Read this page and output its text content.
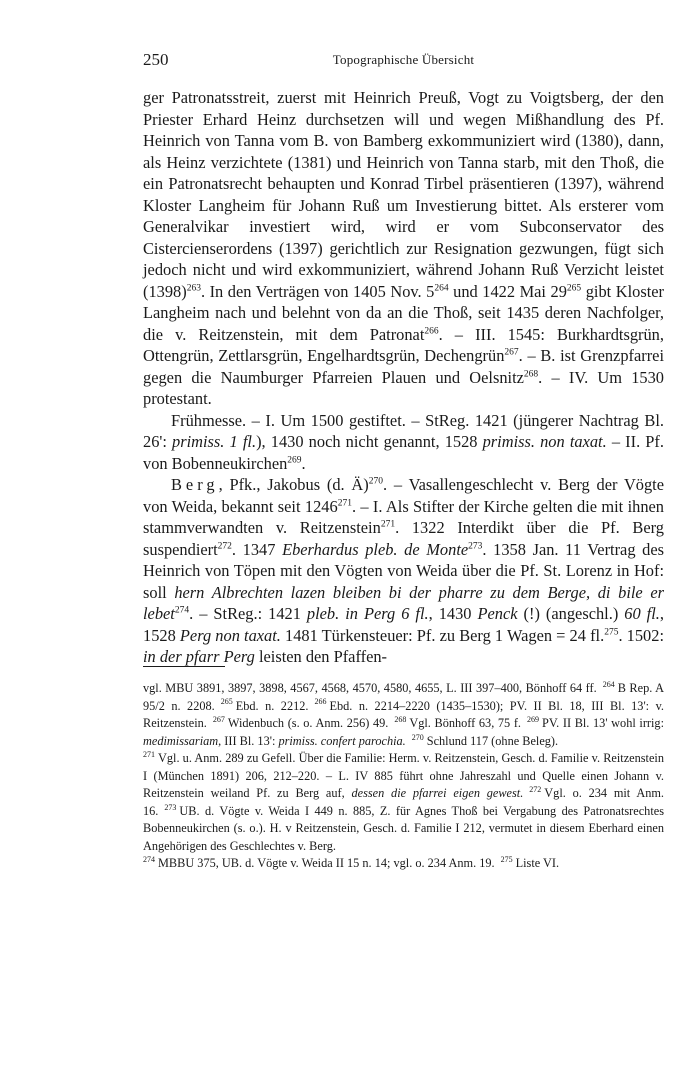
250	Topographische Übersicht

ger Patronatsstreit, zuerst mit Heinrich Preuß, Vogt zu Voigtsberg, der den Priester Erhard Heinz durchsetzen will und wegen Mißhandlung des Pf. Heinrich von Tanna vom B. von Bamberg exkommuniziert wird (1380), dann, als Heinz verzichtete (1381) und Heinrich von Tanna starb, mit den Thoß, die ein Patronatsrecht behaupten und Konrad Tirbel präsentieren (1397), während Kloster Langheim für Johann Ruß um Investierung bittet. Als ersterer vom Generalvikar investiert wird, wird er vom Subconservator des Cistercienserordens (1397) gerichtlich zur Resignation gezwungen, fügt sich jedoch nicht und wird exkommuniziert, während Johann Ruß Verzicht leistet $(1398)^{263}$. In den Verträgen von 1405 Nov. $5^{264}$ und 1422 Mai $29^{265}$ gibt Kloster Langheim nach und belehnt von da an die Thoß, seit 1435 deren Nachfolger, die v. Reitzenstein, mit dem Patronat$^{266}$. – III. 1545: Burkhardtsgrün, Ottengrün, Zettlarsgrün, Engelhardtsgrün, Dechengrün$^{267}$. – B. ist Grenzpfarrei gegen die Naumburger Pfarreien Plauen und Oelsnitz$^{268}$. – IV. Um 1530 protestant.

Frühmesse. – I. Um 1500 gestiftet. – StReg. 1421 (jüngerer Nachtrag Bl. 26': primiss. 1 fl.), 1430 noch nicht genannt, 1528 primiss. non taxat. – II. Pf. von Bobenneukirchen$^{269}$.

Berg, Pfk., Jakobus (d. Ä)$^{270}$. – Vasallengeschlecht v. Berg der Vögte von Weida, bekannt seit 1246$^{271}$. – I. Als Stifter der Kirche gelten die mit ihnen stammverwandten v. Reitzenstein$^{271}$. 1322 Interdikt über die Pf. Berg suspendiert$^{272}$. 1347 Eberhardus pleb. de Monte$^{273}$. 1358 Jan. 11 Vertrag des Heinrich von Töpen mit den Vögten von Weida über die Pf. St. Lorenz in Hof: soll hern Albrechten lazen bleiben bi der pharre zu dem Berge, di bile er lebet$^{274}$. – StReg.: 1421 pleb. in Perg 6 fl., 1430 Penck (!) (angeschl.) 60 fl., 1528 Perg non taxat. 1481 Türkensteuer: Pf. zu Berg 1 Wagen = 24 fl.$^{275}$. 1502: in der pfarr Perg leisten den Pfaffen-

vgl. MBU 3891, 3897, 3898, 4567, 4568, 4570, 4580, 4655, L. III 397–400, Bönhoff 64 ff. $^{264}$ B Rep. A 95/2 n. 2208. $^{265}$ Ebd. n. 2212. $^{266}$ Ebd. n. 2214–2220 (1435–1530); PV. II Bl. 18, III Bl. 13': v. Reitzenstein. $^{267}$ Widenbuch (s. o. Anm. 256) 49. $^{268}$ Vgl. Bönhoff 63, 75 f. $^{269}$ PV. II Bl. 13' wohl irrig: medimissariam, III Bl. 13': primiss. confert parochia. $^{270}$ Schlund 117 (ohne Beleg).

$^{271}$ Vgl. u. Anm. 289 zu Gefell. Über die Familie: Herm. v. Reitzenstein, Gesch. d. Familie v. Reitzenstein I (München 1891) 206, 212–220. – L. IV 885 führt ohne Jahreszahl und Quelle einen Johann v. Reitzenstein weiland Pf. zu Berg auf, dessen die pfarrei eigen gewest. $^{272}$ Vgl. o. 234 mit Anm. 16. $^{273}$ UB. d. Vögte v. Weida I 449 n. 885, Z. für Agnes Thoß bei Vergabung des Patronatsrechtes Bobenneukirchen (s. o.). H. v Reitzenstein, Gesch. d. Familie I 212, vermutet in diesem Eberhard einen Angehörigen des Geschlechtes v. Berg.

$^{274}$ MBBU 375, UB. d. Vögte v. Weida II 15 n. 14; vgl. o. 234 Anm. 19. $^{275}$ Liste VI.
